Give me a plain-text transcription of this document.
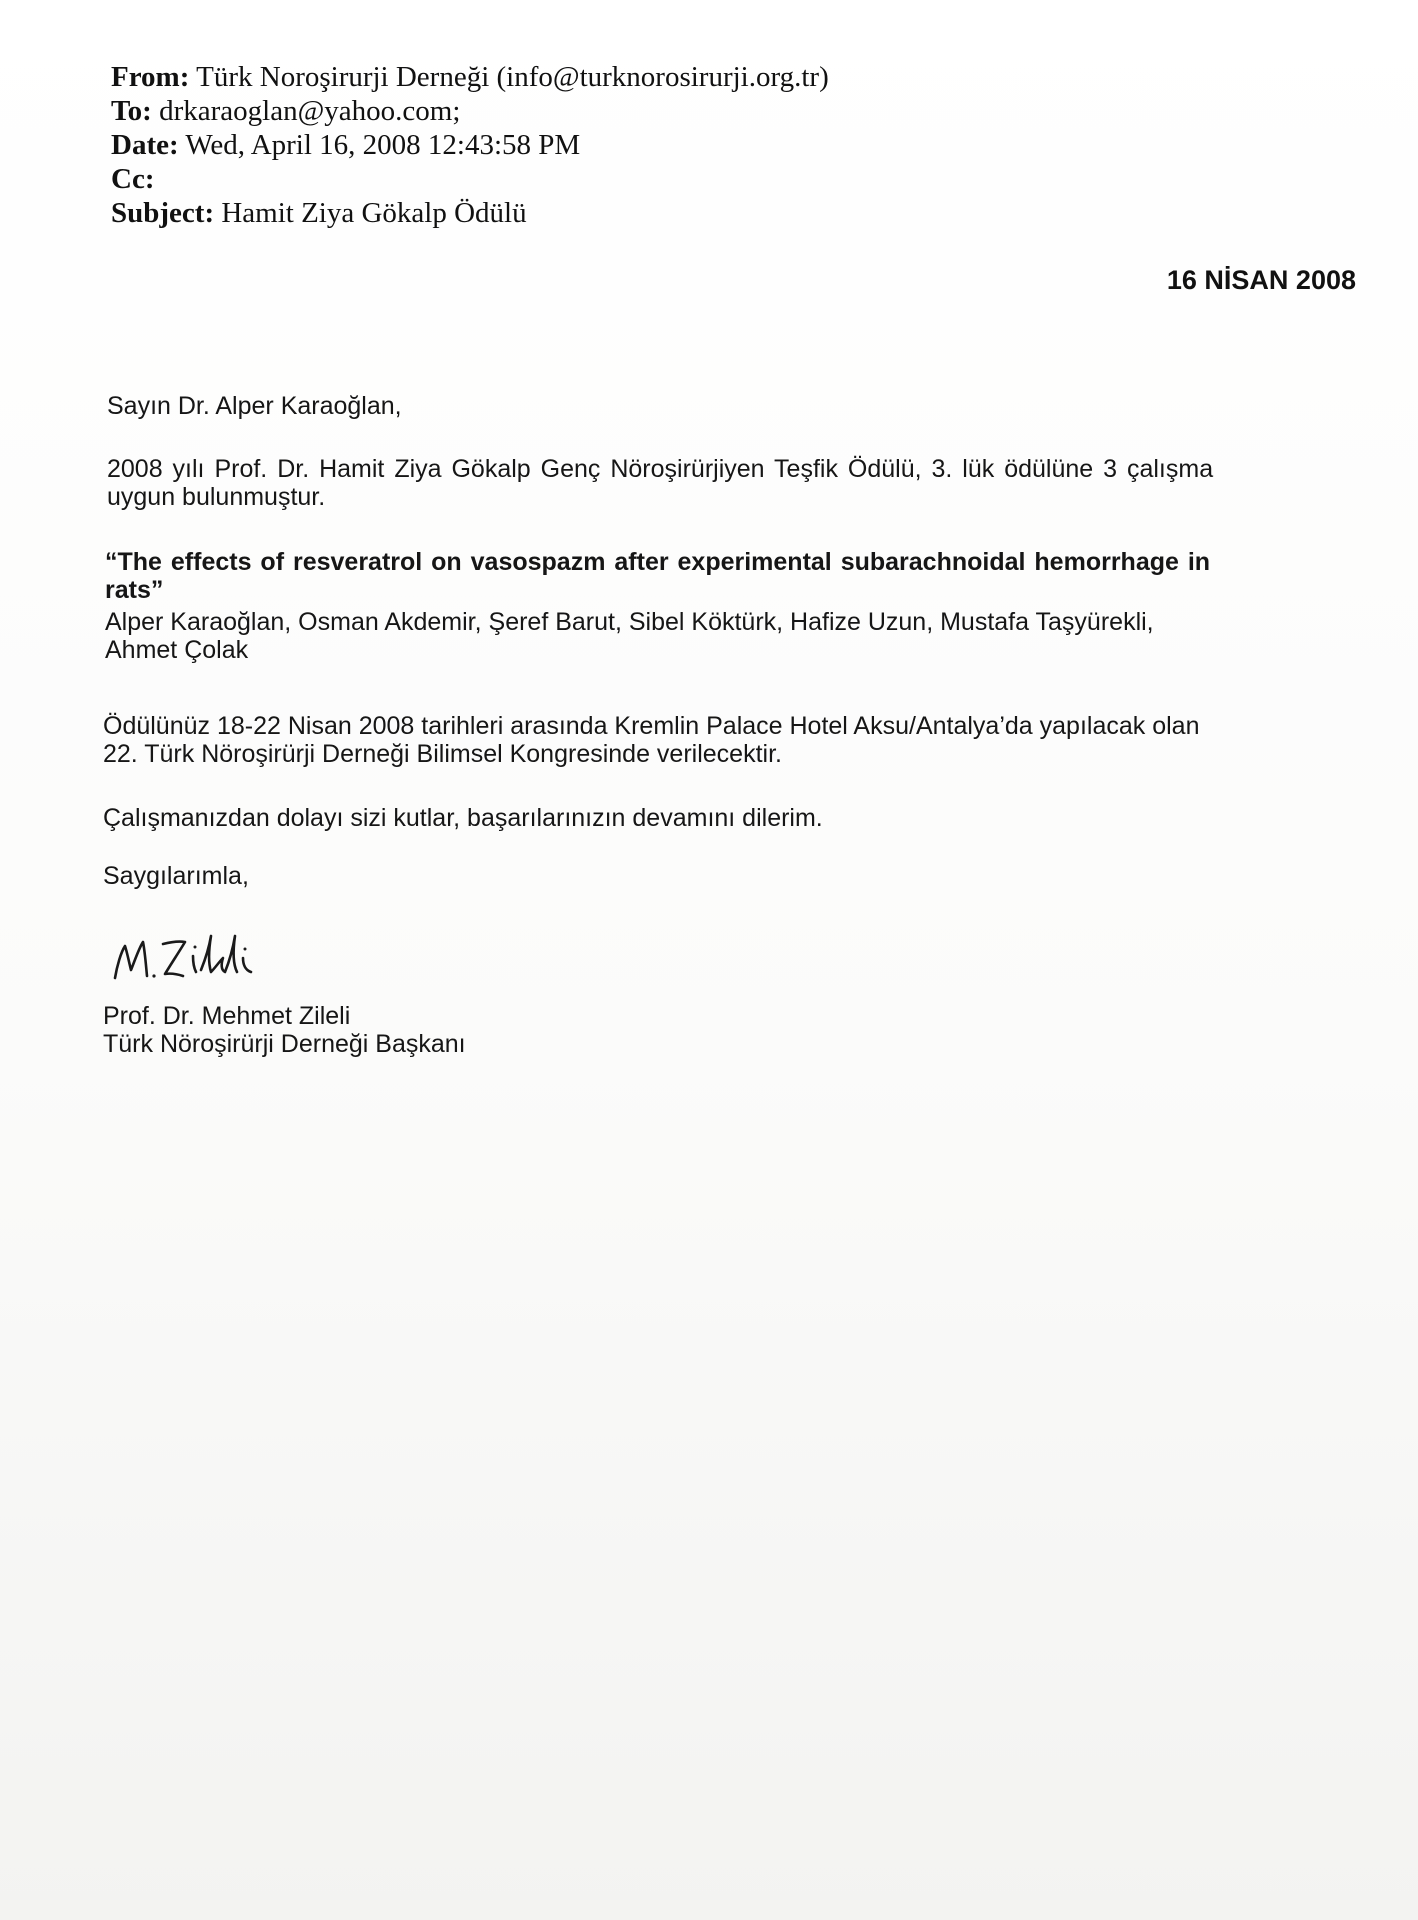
From: Türk Noroşirurji Derneği (info@turknorosirurji.org.tr)
To: drkaraoglan@yahoo.com;
Date: Wed, April 16, 2008 12:43:58 PM
Cc:
Subject: Hamit Ziya Gökalp Ödülü
16 NİSAN 2008
Sayın Dr. Alper Karaoğlan,
2008 yılı Prof. Dr. Hamit Ziya Gökalp Genç Nöroşirürjiyen Teşfik Ödülü, 3. lük ödülüne 3 çalışma
uygun bulunmuştur.
“The effects of resveratrol on vasospazm after experimental subarachnoidal hemorrhage in
rats”
Alper Karaoğlan, Osman Akdemir, Şeref Barut, Sibel Köktürk, Hafize Uzun, Mustafa Taşyürekli,
Ahmet Çolak
Ödülünüz 18-22 Nisan 2008 tarihleri arasında Kremlin Palace Hotel Aksu/Antalya’da yapılacak olan
22. Türk Nöroşirürji Derneği Bilimsel Kongresinde verilecektir.
Çalışmanızdan dolayı sizi kutlar, başarılarınızın devamını dilerim.
Saygılarımla,
Prof. Dr. Mehmet Zileli
Türk Nöroşirürji Derneği Başkanı
